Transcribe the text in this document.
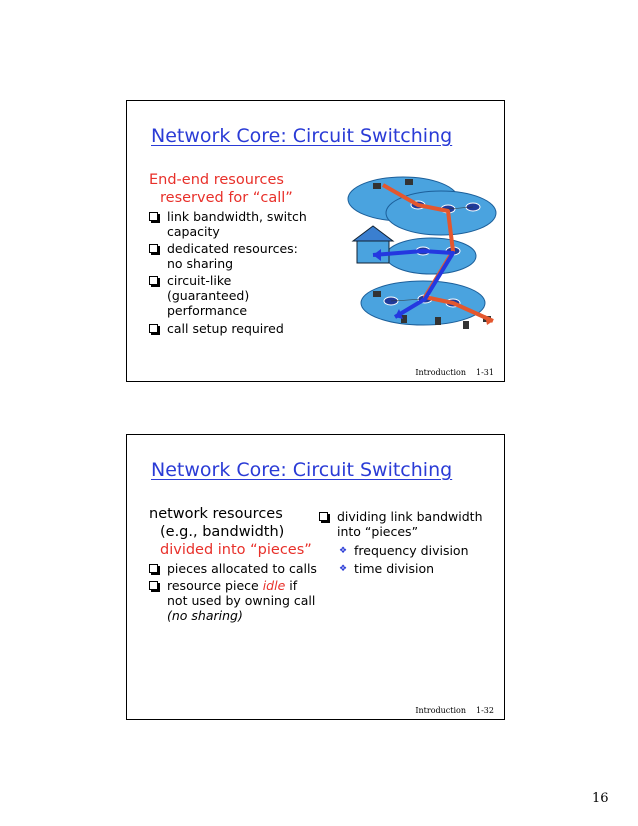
Network Core: Circuit Switching
End-end resources
reserved for “call”
link bandwidth, switch
capacity
dedicated resources:
no sharing
circuit-like
(guaranteed)
performance
call setup required
Introduction 1-31
Network Core: Circuit Switching
network resources
(e.g., bandwidth)
divided into “pieces”
pieces allocated to calls
resource piece idle if
not used by owning call
(no sharing)
dividing link bandwidth
into “pieces”
❖ frequency division
❖ time division
Introduction 1-32
16
